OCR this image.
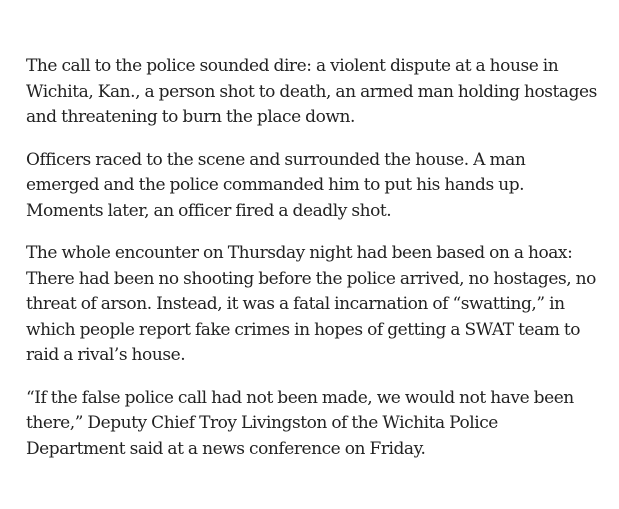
The call to the police sounded dire: a violent dispute at a house in Wichita, Kan., a person shot to death, an armed man holding hostages and threatening to burn the place down.

Officers raced to the scene and surrounded the house. A man emerged and the police commanded him to put his hands up. Moments later, an officer fired a deadly shot.

The whole encounter on Thursday night had been based on a hoax: There had been no shooting before the police arrived, no hostages, no threat of arson. Instead, it was a fatal incarnation of “swatting,” in which people report fake crimes in hopes of getting a SWAT team to raid a rival’s house.

“If the false police call had not been made, we would not have been there,” Deputy Chief Troy Livingston of the Wichita Police Department said at a news conference on Friday.
